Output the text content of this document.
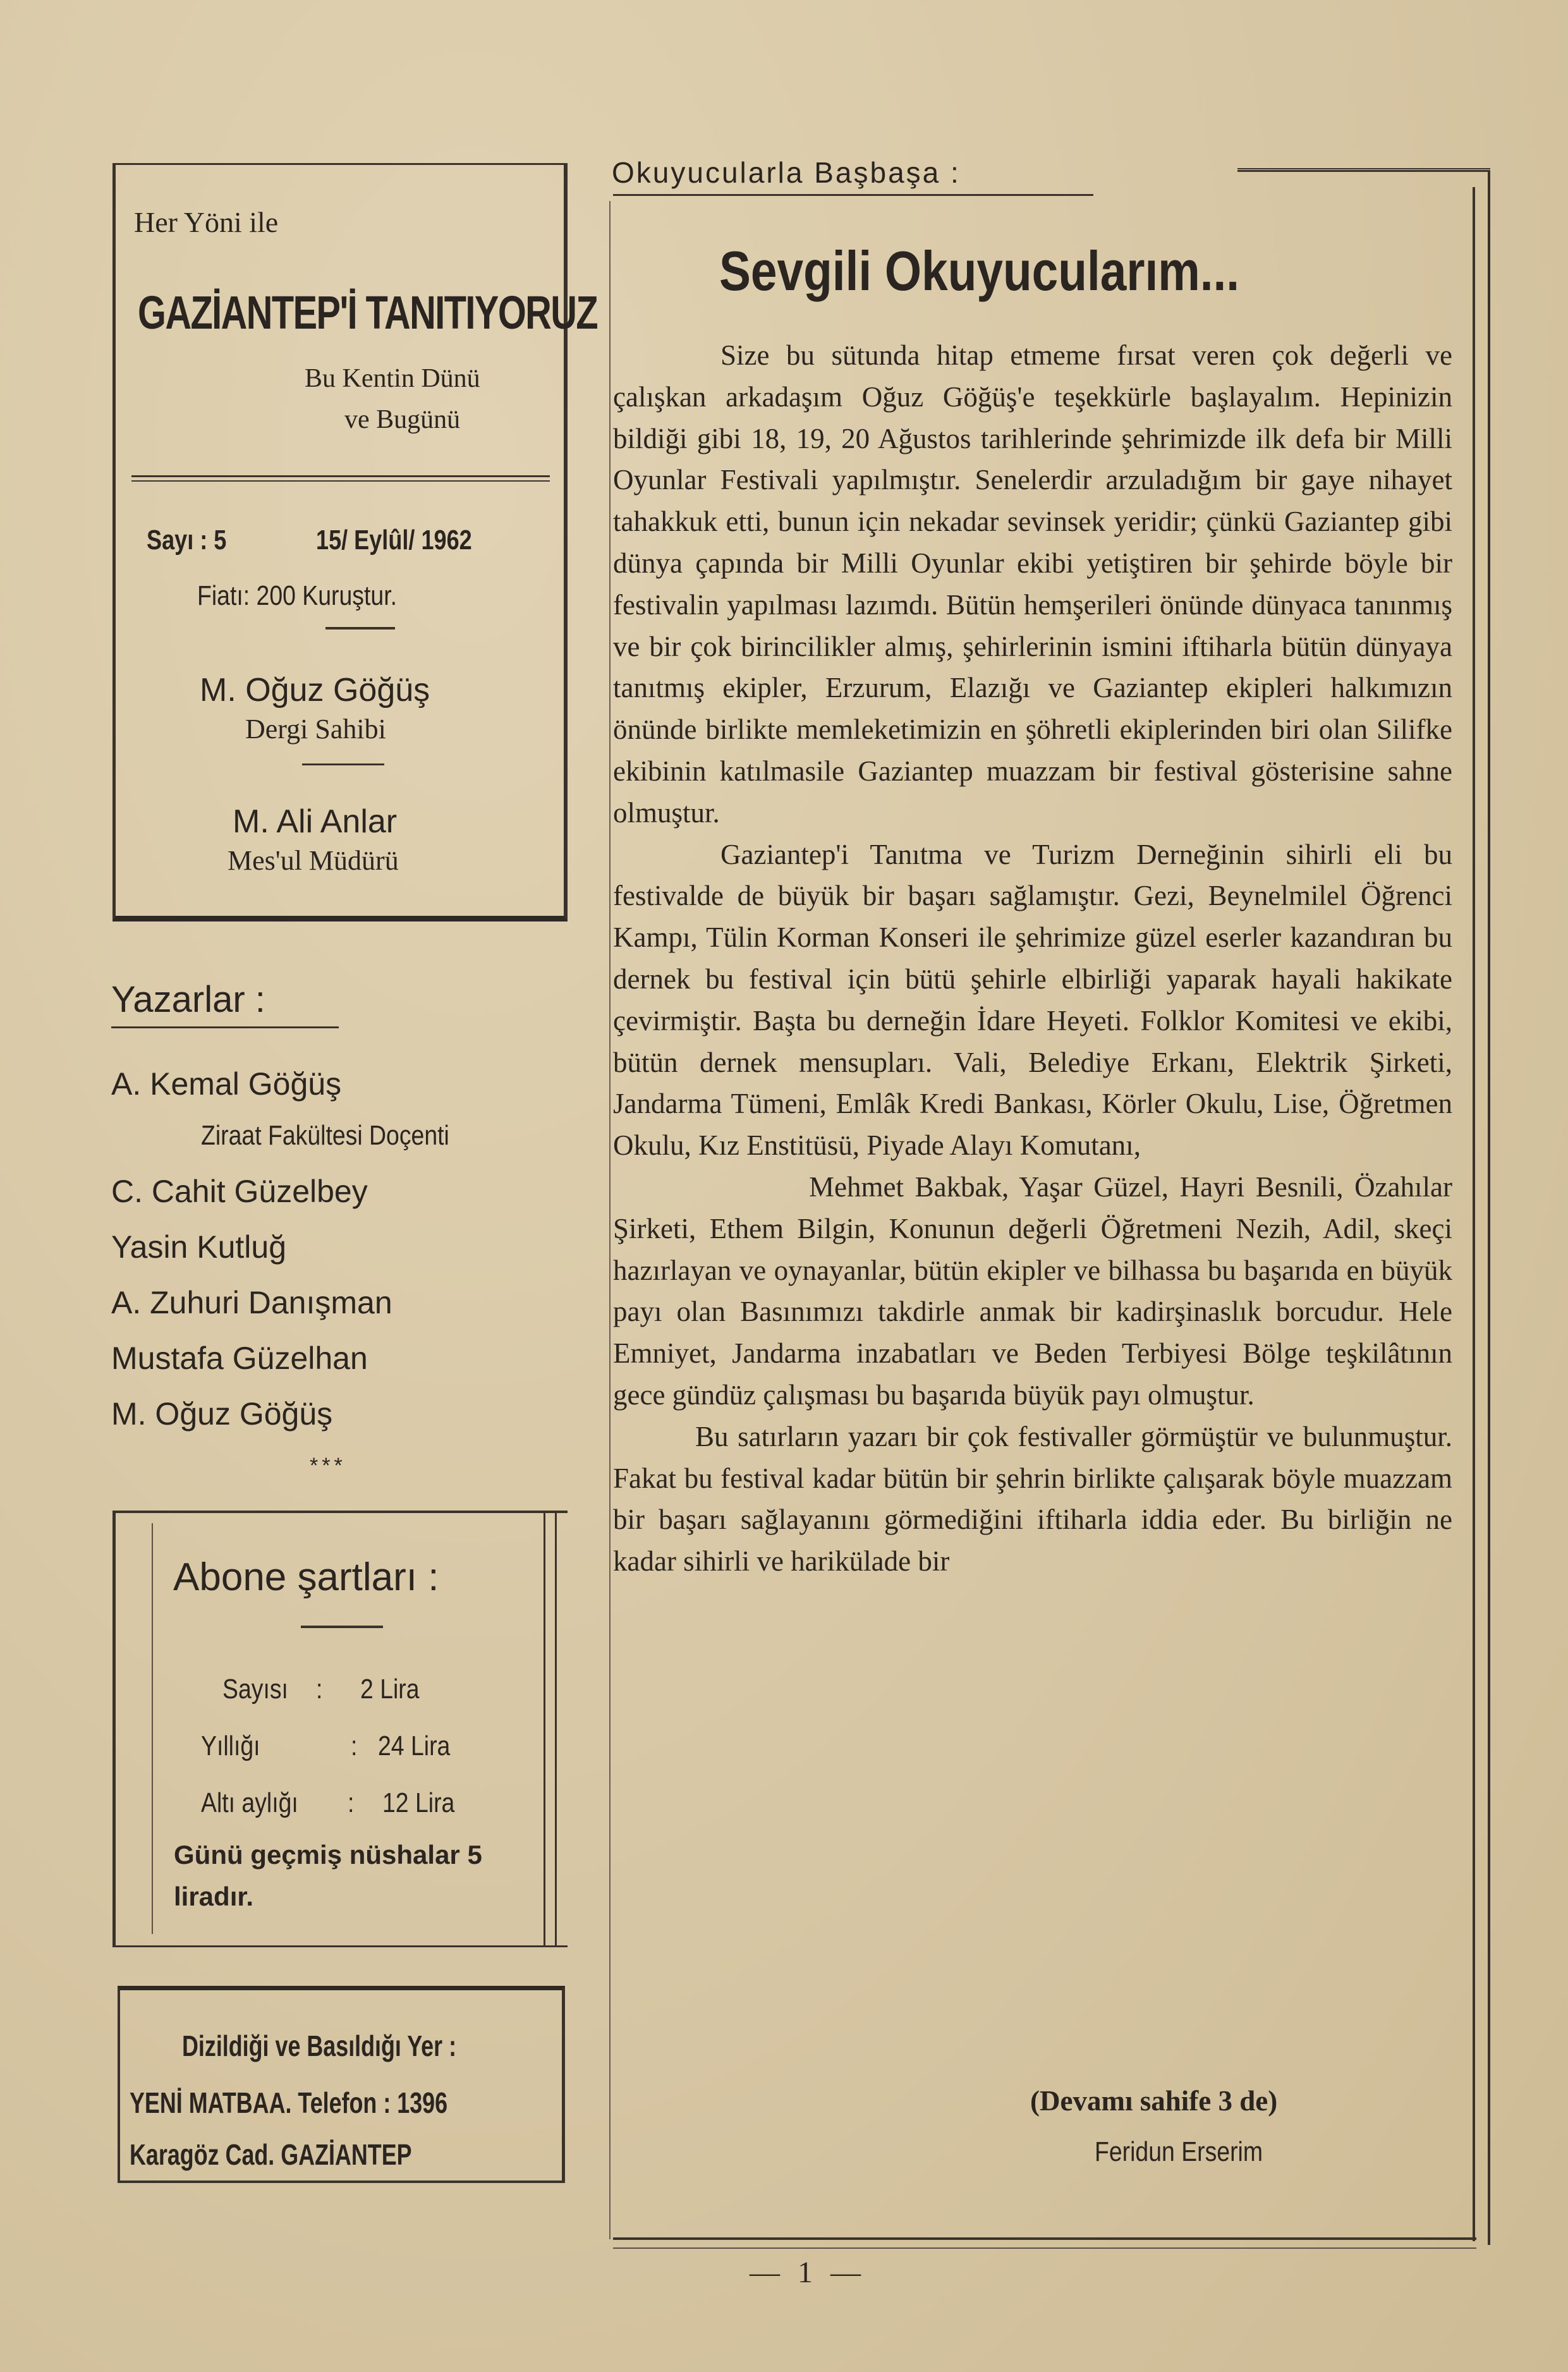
Her Yöni ile
GAZİANTEP'İ TANITIYORUZ
Bu Kentin Dünü
ve Bugünü
Sayı : 5	15/ Eylûl/ 1962
Fiatı: 200 Kuruştur.
M. Oğuz Göğüş
Dergi Sahibi
M. Ali Anlar
Mes'ul Müdürü
Yazarlar :
A. Kemal Göğüş
Ziraat Fakültesi Doçenti
C. Cahit Güzelbey
Yasin Kutluğ
A. Zuhuri Danışman
Mustafa Güzelhan
M. Oğuz Göğüş
***
Abone şartları :
Sayısı : 2 Lira
Yıllığı	: 24 Lira
Altı aylığı : 12 Lira
Günü geçmiş nüshalar 5 liradır.
Dizildiği ve Basıldığı Yer :
YENİ MATBAA. Telefon : 1396
Karagöz Cad. GAZİANTEP
Okuyucularla Başbaşa :
Sevgili Okuyucularım...

Size bu sütunda hitap etmeme fırsat veren çok değerli ve çalışkan arkadaşım Oğuz Göğüş'e teşekkürle başlayalım. Hepinizin bildiği gibi 18, 19, 20 Ağustos tarihlerinde şehrimizde ilk defa bir Milli Oyunlar Festivali yapılmıştır. Senelerdir arzuladığım bir gaye nihayet tahakkuk etti, bunun için nekadar sevinsek yeridir; çünkü Gaziantep gibi dünya çapında bir Milli Oyunlar ekibi yetiştiren bir şehirde böyle bir festivalin yapılması lazımdı. Bütün hemşerileri önünde dünyaca tanınmış ve bir çok birincilikler almış, şehirlerinin ismini iftiharla bütün dünyaya tanıtmış ekipler, Erzurum, Elazığı ve Gaziantep ekipleri halkımızın önünde birlikte memleketimizin en şöhretli ekiplerinden biri olan Silifke ekibinin katılmasile Gaziantep muazzam bir festival gösterisine sahne olmuştur.

Gaziantep'i Tanıtma ve Turizm Derneğinin sihirli eli bu festivalde de büyük bir başarı sağlamıştır. Gezi, Beynelmilel Öğrenci Kampı, Tülin Korman Konseri ile şehrimize güzel eserler kazandıran bu dernek bu festival için bütü şehirle elbirliği yaparak hayali hakikate çevirmiştir. Başta bu derneğin İdare Heyeti. Folklor Komitesi ve ekibi, bütün dernek mensupları. Vali, Belediye Erkanı, Elektrik Şirketi, Jandarma Tümeni, Emlâk Kredi Bankası, Körler Okulu, Lise, Öğretmen Okulu, Kız Enstitüsü, Piyade Alayı Komutanı,

Mehmet Bakbak, Yaşar Güzel, Hayri Besnili, Özahılar Şirketi, Ethem Bilgin, Konunun değerli Öğretmeni Nezih, Adil, skeçi hazırlayan ve oynayanlar, bütün ekipler ve bilhassa bu başarıda en büyük payı olan Basınımızı takdirle anmak bir kadirşinaslık borcudur. Hele Emniyet, Jandarma inzabatları ve Beden Terbiyesi Bölge teşkilâtının gece gündüz çalışması bu başarıda büyük payı olmuştur.

Bu satırların yazarı bir çok festivaller görmüştür ve bulunmuştur. Fakat bu festival kadar bütün bir şehrin birlikte çalışarak böyle muazzam bir başarı sağlayanını görmediğini iftiharla iddia eder. Bu birliğin ne kadar sihirli ve harikülade bir

(Devamı sahife 3 de)
Feridun Erserim
— 1 —
